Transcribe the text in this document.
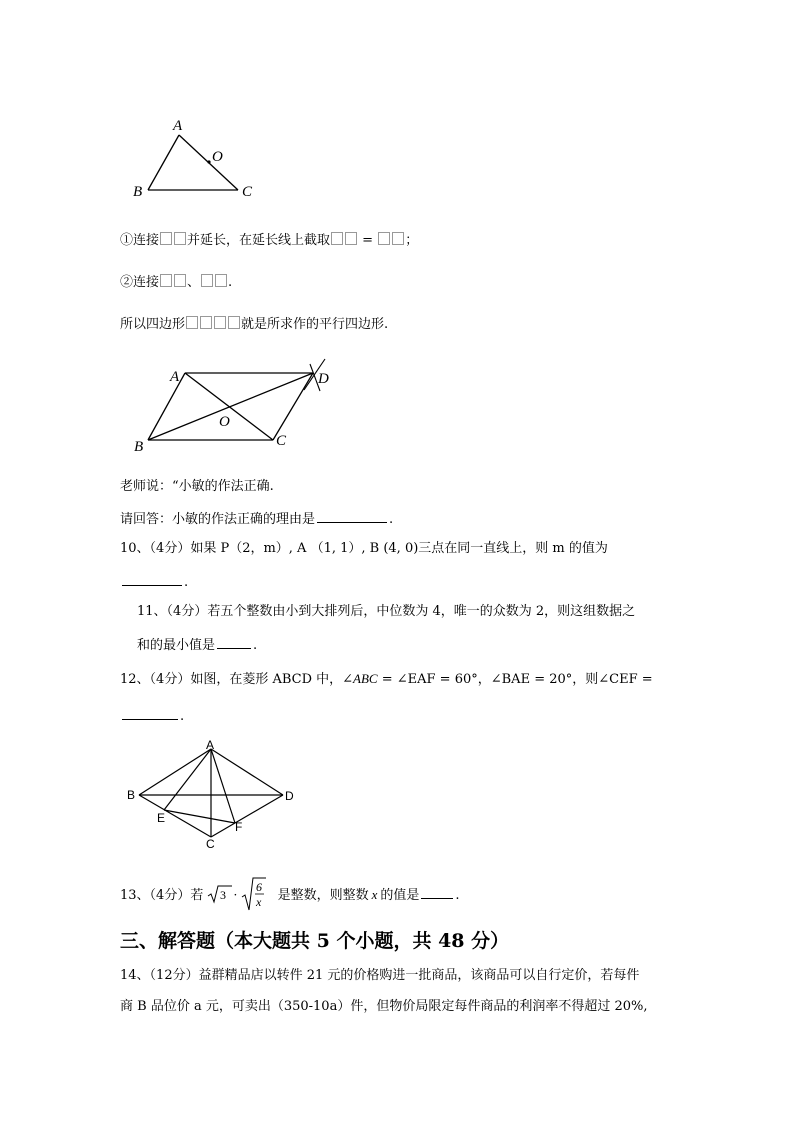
A
O
B	C
①连接 并延长，在延长线上截取 = ；
②连接 、 .
所以四边形	就是所求作的平行四边形.
A	D
O
B	C
老师说：“小敏的作法正确.
请回答：小敏的作法正确的理由是	.
10、（4分）如果 P（2，m）, A （1, 1）, B (4, 0)三点在同一直线上，则 m 的值为
.
11、（4分）若五个整数由小到大排列后，中位数为 4，唯一的众数为 2，则这组数据之
和的最小值是	.
12、（4分）如图，在菱形 ABCD 中，∠ABC = ∠EAF = 60°，∠BAE = 20°，则∠CEF =
.
A
B	D
E
F
C
13、（4分）若 3 ·
6
x 是整数，则整数 x 的值是	.
三、解答题（本大题共 5 个小题，共 48 分）
14、（12分）益群精品店以转件 21 元的价格购进一批商品，该商品可以自行定价，若每件
商 B 品位价 a 元，可卖出（350-10a）件，但物价局限定每件商品的利润率不得超过 20%,
